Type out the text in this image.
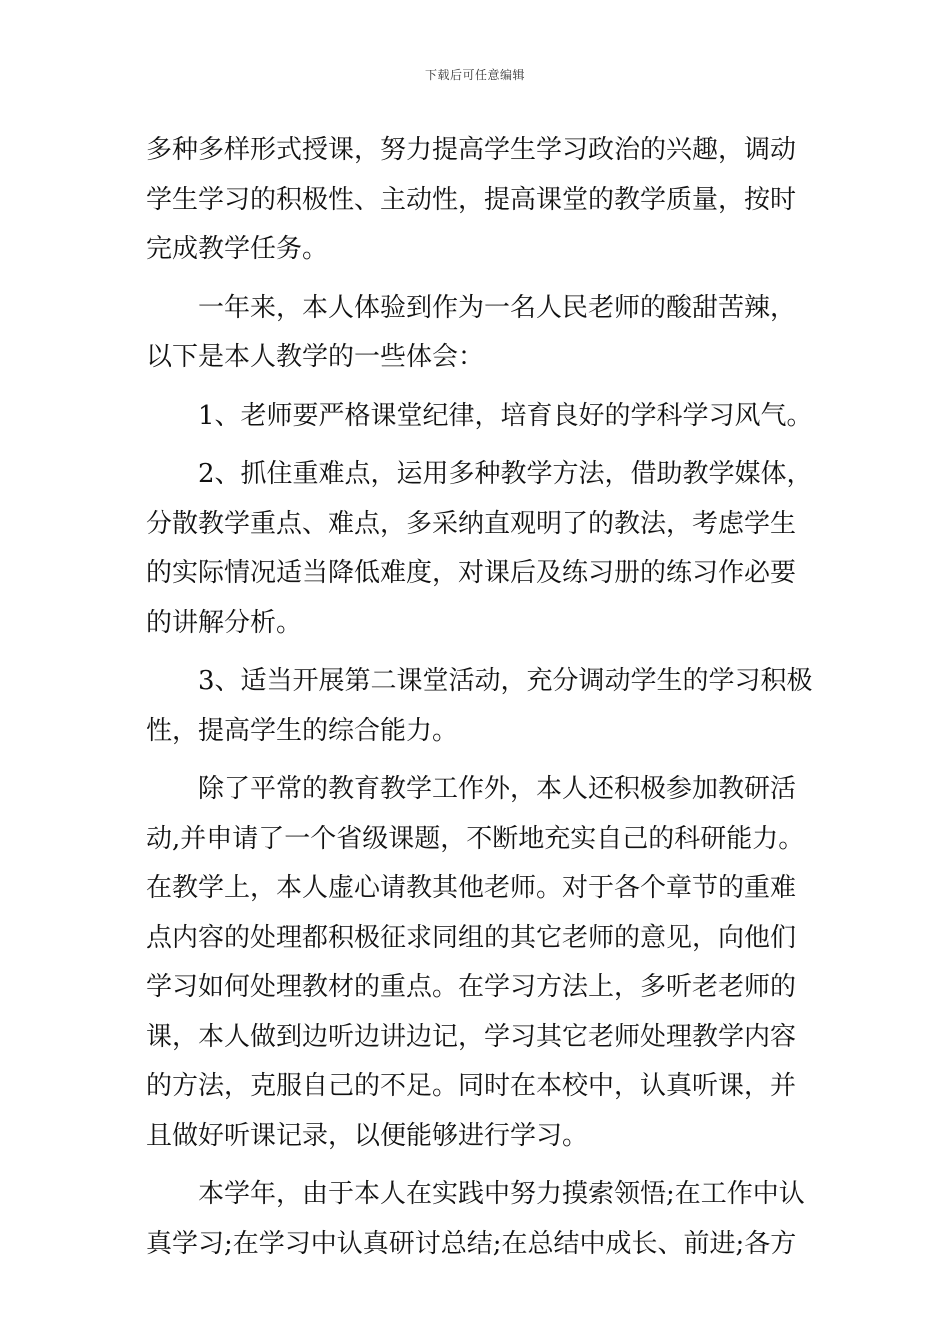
下载后可任意编辑
多种多样形式授课，努力提高学生学习政治的兴趣，调动
学生学习的积极性、主动性，提高课堂的教学质量，按时
完成教学任务。
一年来，本人体验到作为一名人民老师的酸甜苦辣，
以下是本人教学的一些体会：
1、老师要严格课堂纪律，培育良好的学科学习风气。
2、抓住重难点，运用多种教学方法，借助教学媒体，
分散教学重点、难点，多采纳直观明了的教法，考虑学生
的实际情况适当降低难度，对课后及练习册的练习作必要
的讲解分析。
3、适当开展第二课堂活动，充分调动学生的学习积极
性，提高学生的综合能力。
除了平常的教育教学工作外，本人还积极参加教研活
动,并申请了一个省级课题，不断地充实自己的科研能力。
在教学上，本人虚心请教其他老师。对于各个章节的重难
点内容的处理都积极征求同组的其它老师的意见，向他们
学习如何处理教材的重点。在学习方法上，多听老老师的
课，本人做到边听边讲边记，学习其它老师处理教学内容
的方法，克服自己的不足。同时在本校中，认真听课，并
且做好听课记录，以便能够进行学习。
本学年，由于本人在实践中努力摸索领悟;在工作中认
真学习;在学习中认真研讨总结;在总结中成长、前进;各方
